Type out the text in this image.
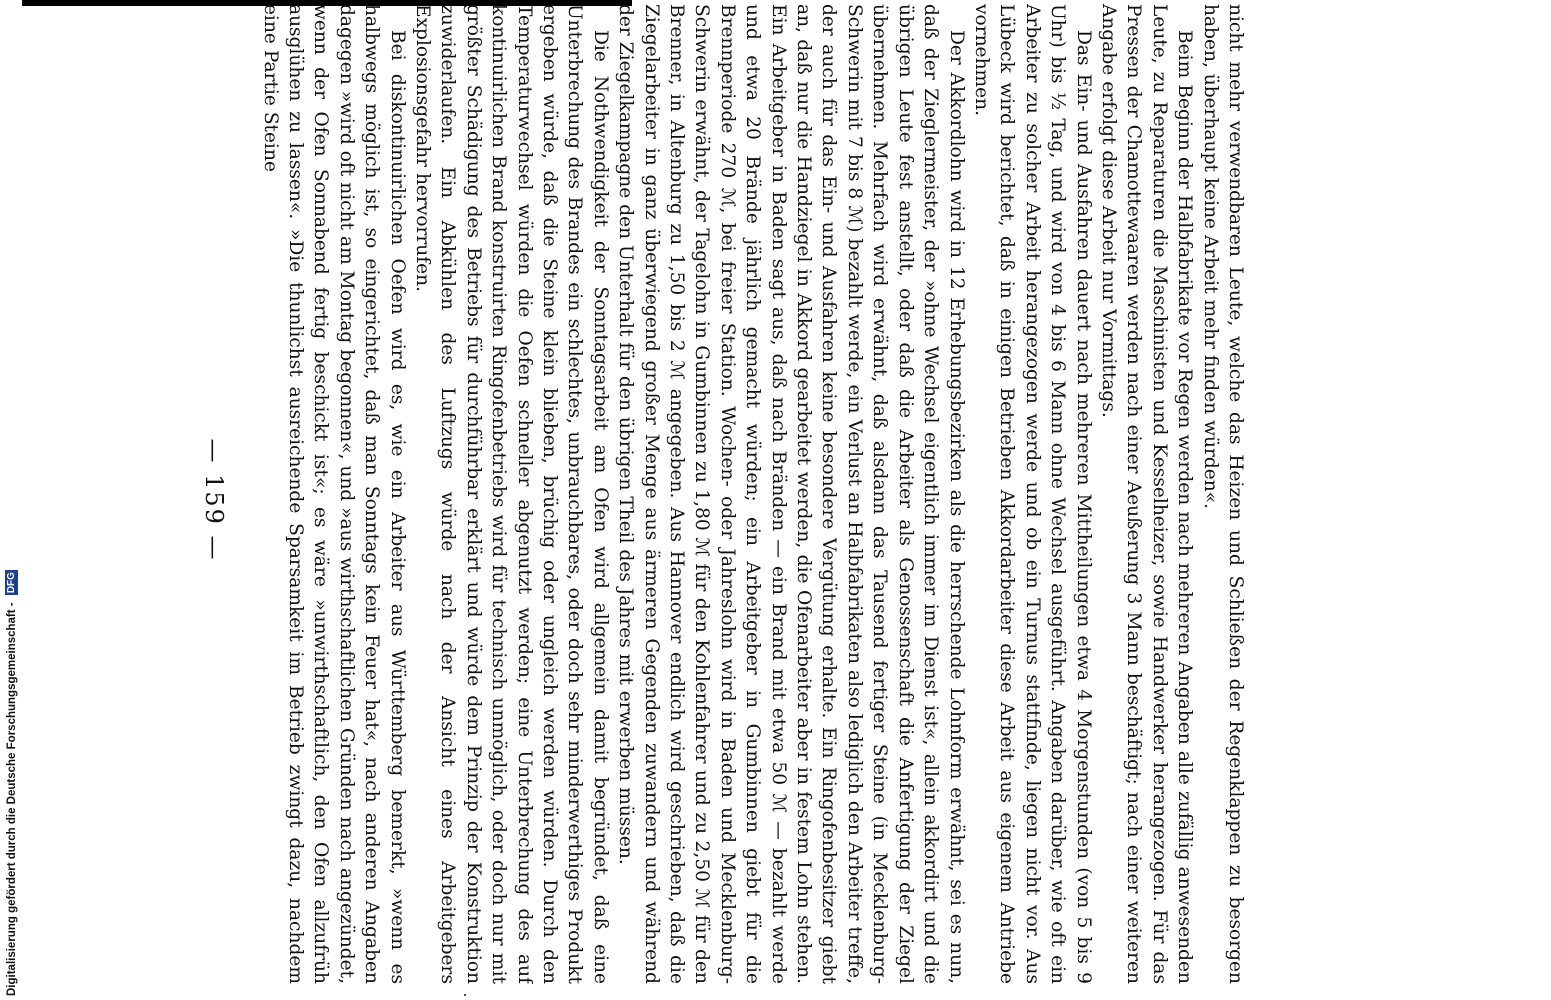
nicht mehr verwendbaren Leute, welche das Heizen und Schließen der Regenklappen zu besorgen haben, überhaupt keine Arbeit mehr finden würden«.

Beim Beginn der Halbfabrikate vor Regen werden nach mehreren Angaben alle zufällig anwesenden Leute, zu Reparaturen die Maschinisten und Kesselheizer, sowie Handwerker herangezogen. Für das Pressen der Chamottewaaren werden nach einer Aeußerung 3 Mann beschäftigt; nach einer weiteren Angabe erfolgt diese Arbeit nur Vormittags.

Das Ein- und Ausfahren dauert nach mehreren Mittheilungen etwa 4 Morgenstunden (von 5 bis 9 Uhr) bis ½ Tag, und wird von 4 bis 6 Mann ohne Wechsel ausgeführt. Angaben darüber, wie oft ein Arbeiter zu solcher Arbeit herangezogen werde und ob ein Turnus stattfinde, liegen nicht vor. Aus Lübeck wird berichtet, daß in einigen Betrieben Akkordarbeiter diese Arbeit aus eigenem Antriebe vornehmen.

Der Akkordlohn wird in 12 Erhebungsbezirken als die herrschende Lohnform erwähnt, sei es nun, daß der Zieglermeister, der »ohne Wechsel eigentlich immer im Dienst ist«, allein akkordirt und die übrigen Leute fest anstellt, oder daß die Arbeiter als Genossenschaft die Anfertigung der Ziegel übernehmen. Mehrfach wird erwähnt, daß alsdann das Tausend fertiger Steine (in Mecklenburg-Schwerin mit 7 bis 8 ℳ) bezahlt werde, ein Verlust an Halbfabrikaten also lediglich den Arbeiter treffe, der auch für das Ein- und Ausfahren keine besondere Vergütung erhalte. Ein Ringofenbesitzer giebt an, daß nur die Handziegel in Akkord gearbeitet werden, die Ofenarbeiter aber in festem Lohn stehen. Ein Arbeitgeber in Baden sagt aus, daß nach Bränden — ein Brand mit etwa 50 ℳ — bezahlt werde und etwa 20 Brände jährlich gemacht würden; ein Arbeitgeber in Gumbinnen giebt für die Brennperiode 270 ℳ, bei freier Station. Wochen- oder Jahreslohn wird in Baden und Mecklenburg-Schwerin erwähnt, der Tagelohn in Gumbinnen zu 1,80 ℳ für den Kohlenfahrer und zu 2,50 ℳ für den Brenner, in Altenburg zu 1,50 bis 2 ℳ angegeben. Aus Hannover endlich wird geschrieben, daß die Ziegelarbeiter in ganz überwiegend großer Menge aus ärmeren Gegenden zuwandern und während der Ziegelkampagne den Unterhalt für den übrigen Theil des Jahres mit erwerben müssen.

Die Nothwendigkeit der Sonntagsarbeit am Ofen wird allgemein damit begründet, daß eine Unterbrechung des Brandes ein schlechtes, unbrauchbares, oder doch sehr minderwerthiges Produkt ergeben würde, daß die Steine klein blieben, brüchig oder ungleich werden würden. Durch den Temperaturwechsel würden die Oefen schneller abgenutzt werden; eine Unterbrechung des auf kontinuirlichen Brand konstruirten Ringofenbetriebs wird für technisch unmöglich, oder doch nur mit größter Schädigung des Betriebs für durchführbar erklärt und würde dem Prinzip der Konstruktion zuwiderlaufen. Ein Abkühlen des Luftzugs würde nach der Ansicht eines Arbeitgebers Explosionsgefahr hervorrufen.

Bei diskontinuirlichen Oefen wird es, wie ein Arbeiter aus Württemberg bemerkt, »wenn es halbwegs möglich ist, so eingerichtet, daß man Sonntags kein Feuer hat«, nach anderen Angaben dagegen »wird oft nicht am Montag begonnen«, und »aus wirthschaftlichen Gründen nach angezündet, wenn der Ofen Sonnabend fertig beschickt ist«; es wäre »unwirthschaftlich, den Ofen allzufrüh ausglühen zu lassen«. »Die thunlichst ausreichende Sparsamkeit im Betrieb zwingt dazu, nachdem eine Partie Steine

— 159 —
Digitalisierung gefördert durch die Deutsche Forschungsgemeinschaft - DFG
